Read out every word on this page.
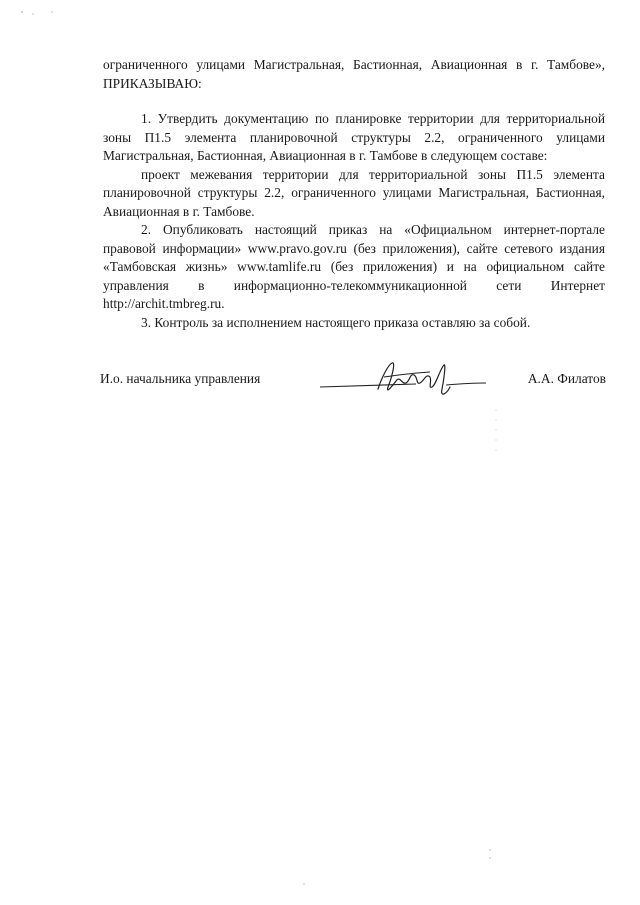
ограниченного улицами Магистральная, Бастионная, Авиационная в г. Тамбове», ПРИКАЗЫВАЮ:

1. Утвердить документацию по планировке территории для территориальной зоны П1.5 элемента планировочной структуры 2.2, ограниченного улицами Магистральная, Бастионная, Авиационная в г. Тамбове в следующем составе:

проект межевания территории для территориальной зоны П1.5 элемента планировочной структуры 2.2, ограниченного улицами Магистральная, Бастионная, Авиационная в г. Тамбове.

2. Опубликовать настоящий приказ на «Официальном интернет-портале правовой информации» www.pravo.gov.ru (без приложения), сайте сетевого издания «Тамбовская жизнь» www.tamlife.ru (без приложения) и на официальном сайте управления в информационно-телекоммуникационной сети Интернет http://archit.tmbreg.ru.

3. Контроль за исполнением настоящего приказа оставляю за собой.

И.о. начальника управления	А.А. Филатов
